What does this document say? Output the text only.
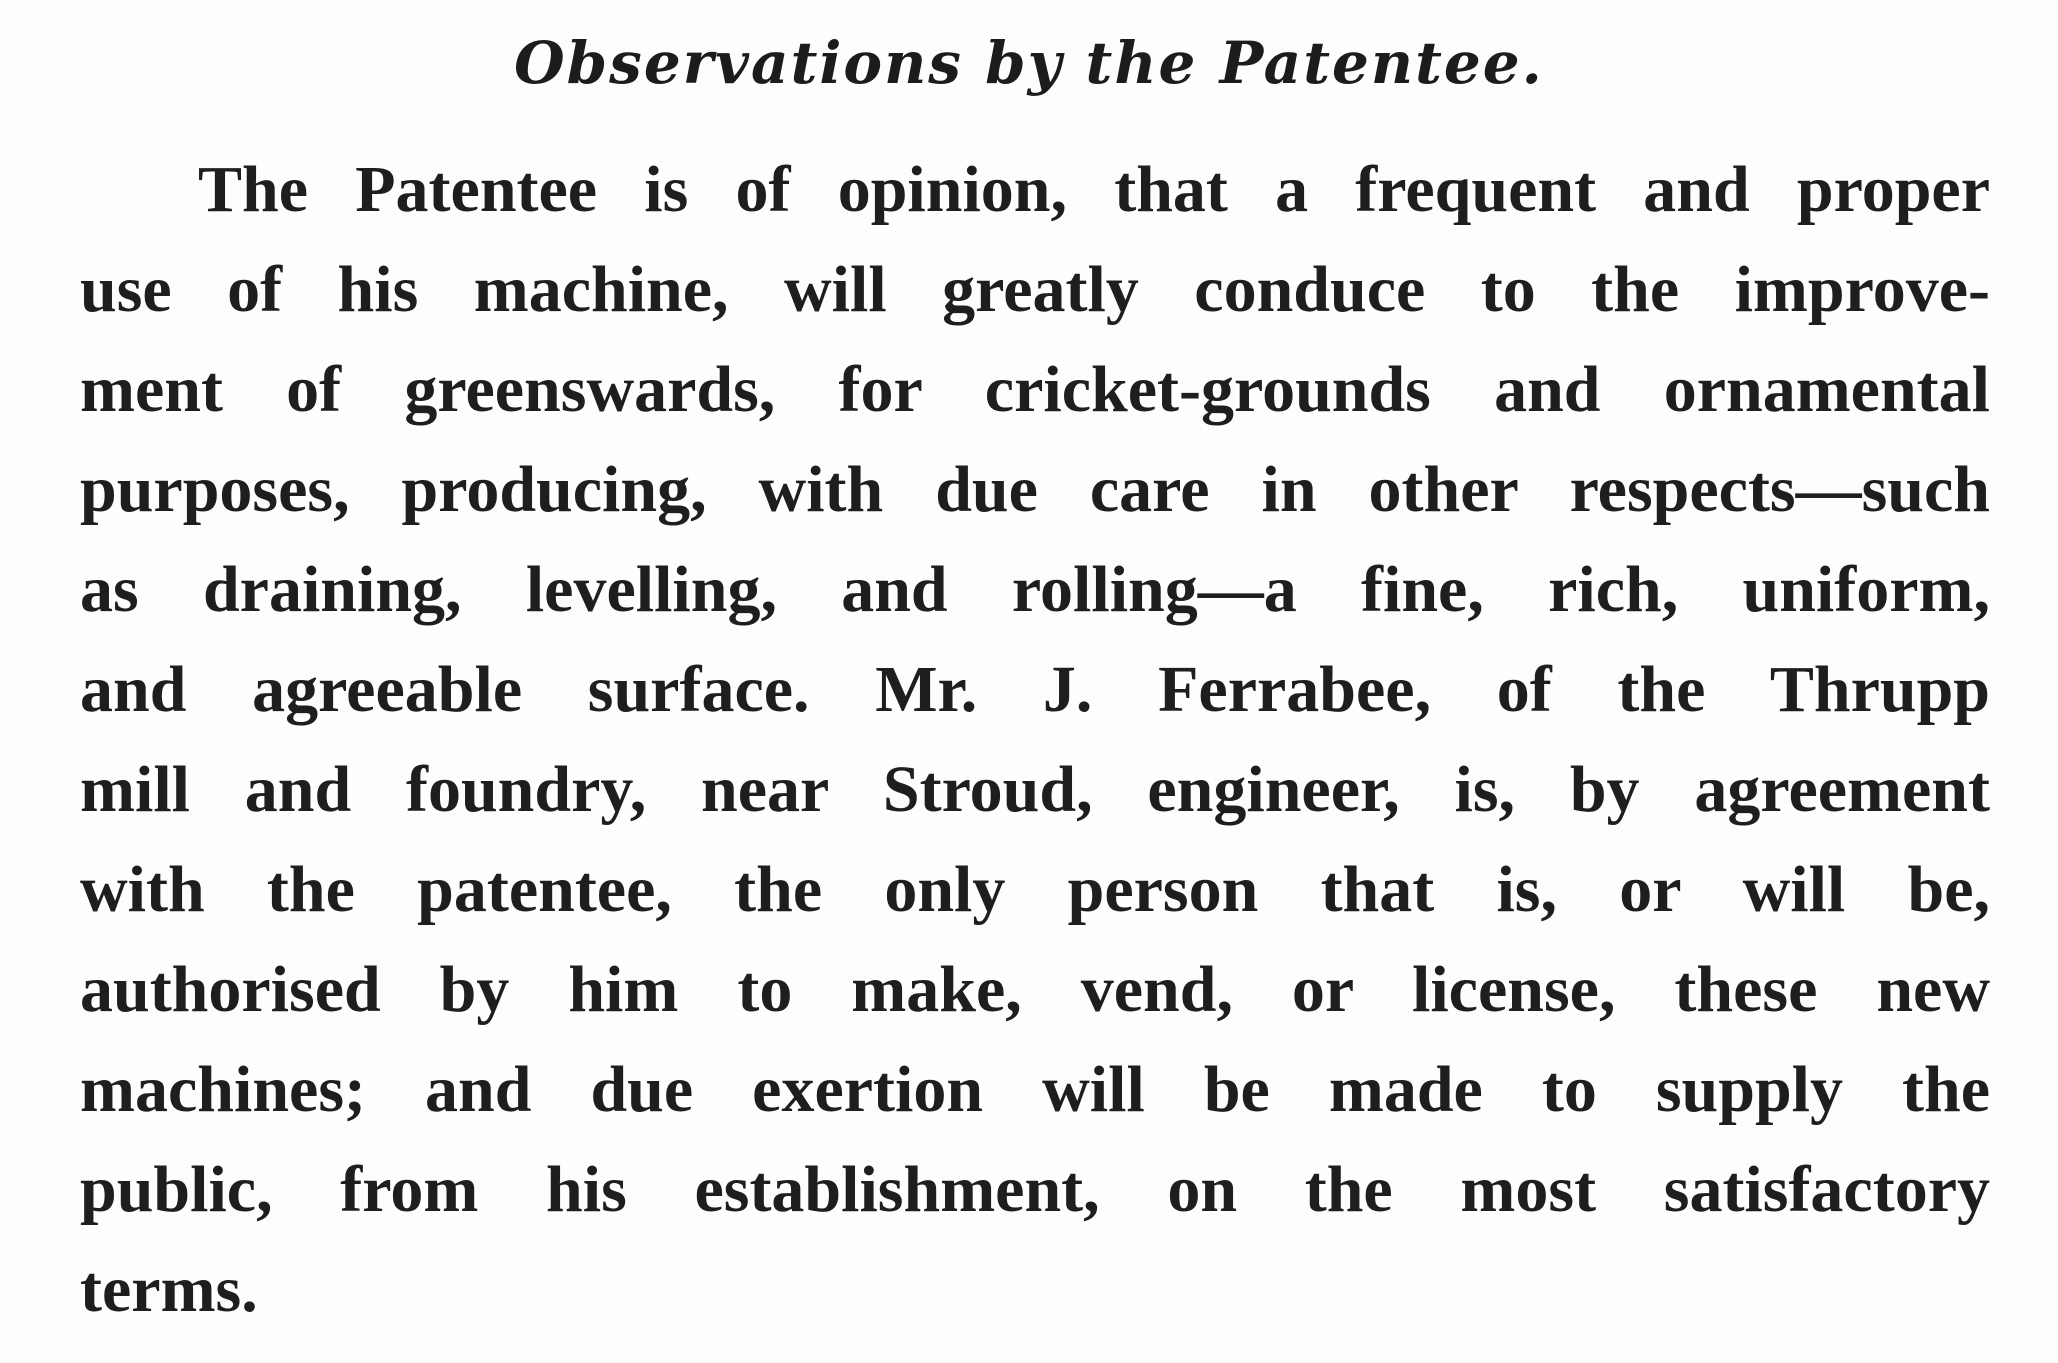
Observations by the Patentee.
The Patentee is of opinion, that a frequent and proper
use of his machine, will greatly conduce to the improve-
ment of greenswards, for cricket-grounds and ornamental
purposes, producing, with due care in other respects—such
as draining, levelling, and rolling—a fine, rich, uniform,
and agreeable surface. Mr. J. Ferrabee, of the Thrupp
mill and foundry, near Stroud, engineer, is, by agreement
with the patentee, the only person that is, or will be,
authorised by him to make, vend, or license, these new
machines; and due exertion will be made to supply the
public, from his establishment, on the most satisfactory
terms.
